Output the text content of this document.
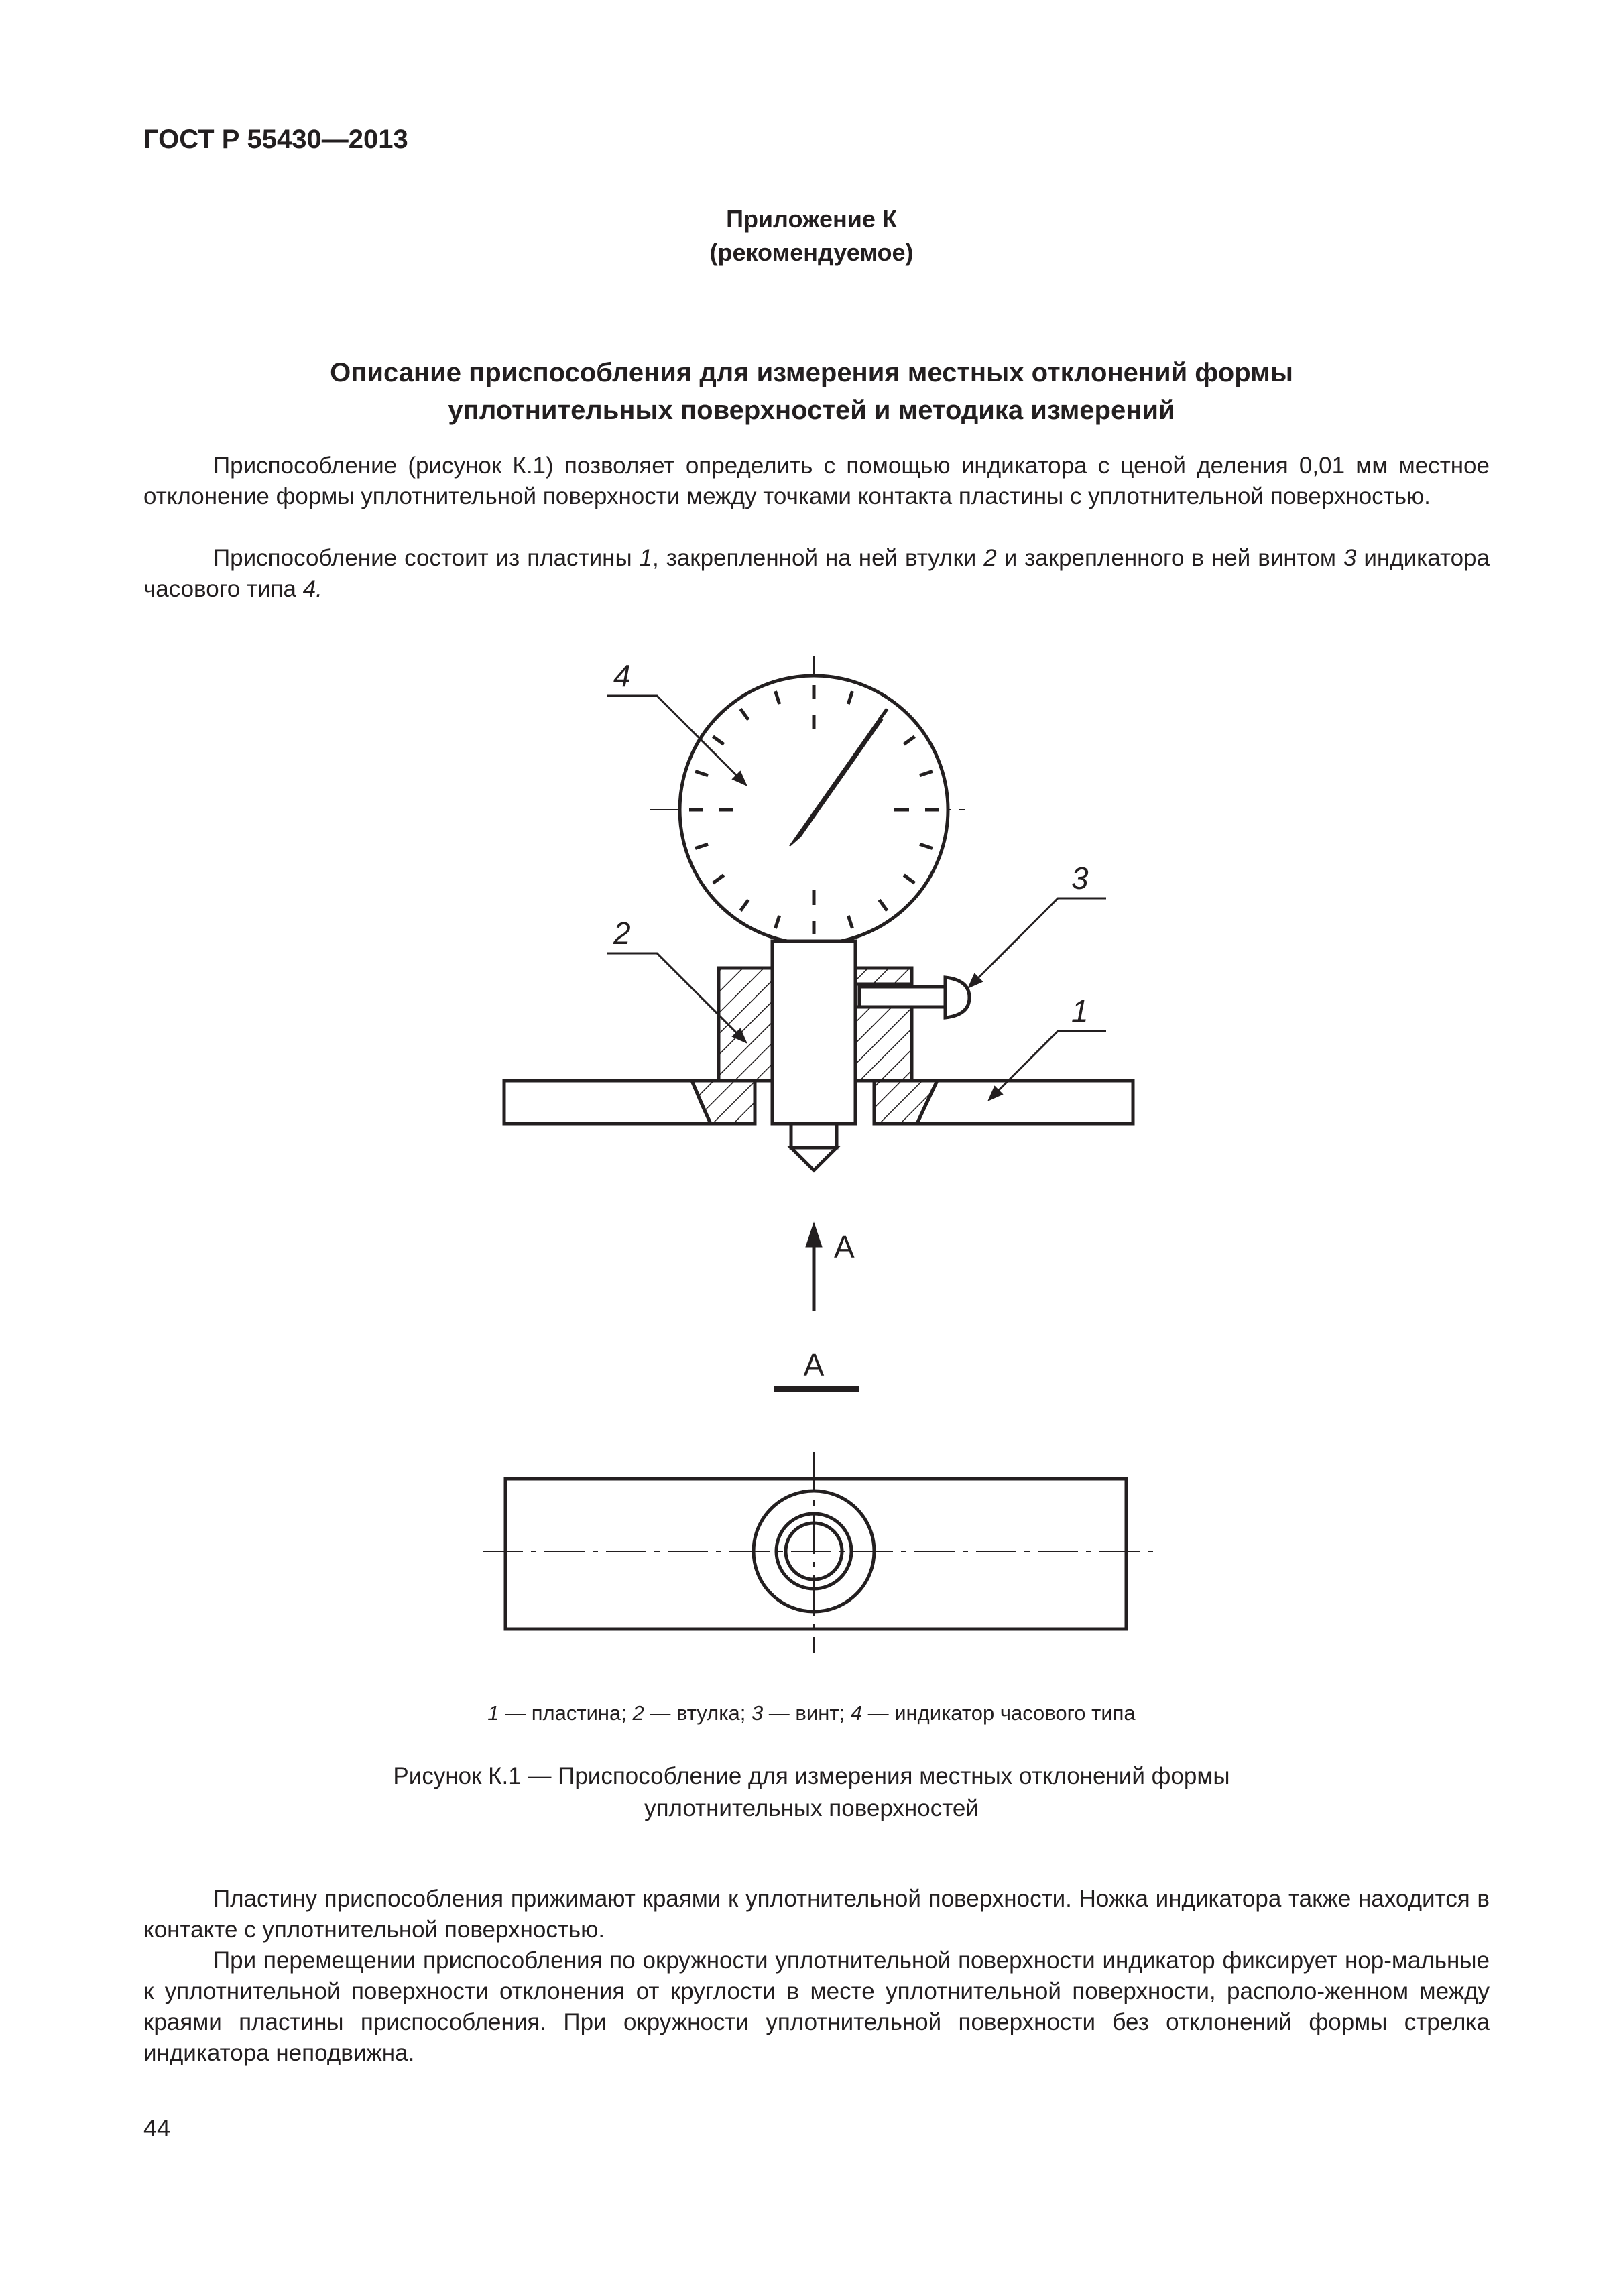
ГОСТ Р 55430—2013
Приложение К
(рекомендуемое)
Описание приспособления для измерения местных отклонений формы
уплотнительных поверхностей и методика измерений

Приспособление (рисунок К.1) позволяет определить с помощью индикатора с ценой деления 0,01 мм местное отклонение формы уплотнительной поверхности между точками контакта пластины с уплотнительной поверхностью.

Приспособление состоит из пластины 1, закрепленной на ней втулки 2 и закрепленного в ней винтом 3 индикатора часового типа 4.

4
3
2
1
А
А
1 — пластина; 2 — втулка; 3 — винт; 4 — индикатор часового типа
Рисунок К.1 — Приспособление для измерения местных отклонений формы
уплотнительных поверхностей

Пластину приспособления прижимают краями к уплотнительной поверхности. Ножка индикатора также находится в контакте с уплотнительной поверхностью.

При перемещении приспособления по окружности уплотнительной поверхности индикатор фиксирует нор-мальные к уплотнительной поверхности отклонения от круглости в месте уплотнительной поверхности, располо-женном между краями пластины приспособления. При окружности уплотнительной поверхности без отклонений формы стрелка индикатора неподвижна.

44
